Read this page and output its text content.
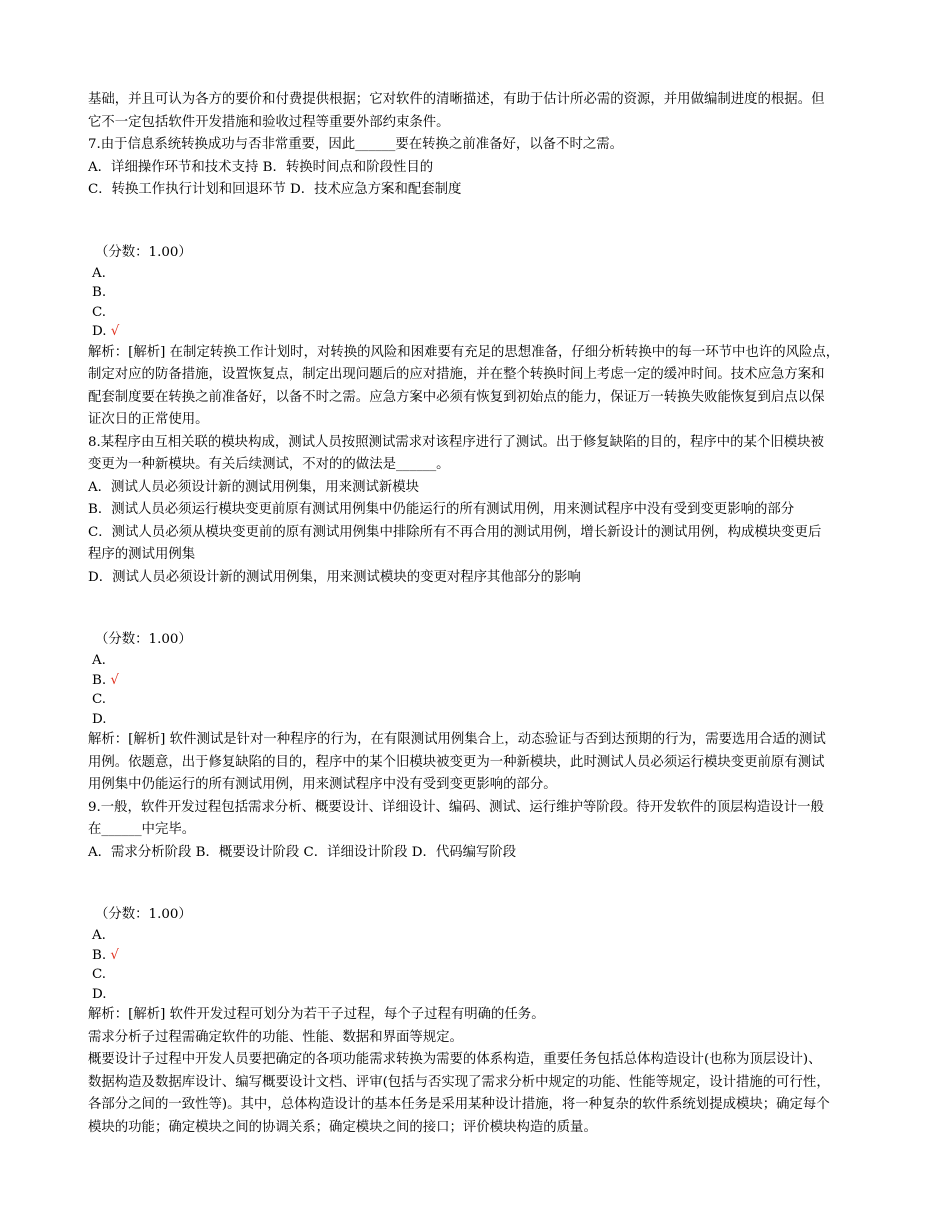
基础，并且可认为各方的要价和付费提供根据；它对软件的清晰描述，有助于估计所必需的资源，并用做编制进度的根据。但

它不一定包括软件开发措施和验收过程等重要外部约束条件。

7.由于信息系统转换成功与否非常重要，因此______要在转换之前准备好，以备不时之需。

A．详细操作环节和技术支持 B．转换时间点和阶段性目的

C．转换工作执行计划和回退环节 D．技术应急方案和配套制度

（分数：1.00）

A.

B.

C.

D. √

解析：[解析] 在制定转换工作计划时，对转换的风险和困难要有充足的思想准备，仔细分析转换中的每一环节中也许的风险点，

制定对应的防备措施，设置恢复点，制定出现问题后的应对措施，并在整个转换时间上考虑一定的缓冲时间。技术应急方案和

配套制度要在转换之前准备好，以备不时之需。应急方案中必须有恢复到初始点的能力，保证万一转换失败能恢复到启点以保

证次日的正常使用。

8.某程序由互相关联的模块构成，测试人员按照测试需求对该程序进行了测试。出于修复缺陷的目的，程序中的某个旧模块被

变更为一种新模块。有关后续测试，不对的的做法是______。

A．测试人员必须设计新的测试用例集，用来测试新模块

B．测试人员必须运行模块变更前原有测试用例集中仍能运行的所有测试用例，用来测试程序中没有受到变更影响的部分

C．测试人员必须从模块变更前的原有测试用例集中排除所有不再合用的测试用例，增长新设计的测试用例，构成模块变更后

程序的测试用例集

D．测试人员必须设计新的测试用例集，用来测试模块的变更对程序其他部分的影响

（分数：1.00）

A.

B. √

C.

D.

解析：[解析] 软件测试是针对一种程序的行为，在有限测试用例集合上，动态验证与否到达预期的行为，需要选用合适的测试

用例。依题意，出于修复缺陷的目的，程序中的某个旧模块被变更为一种新模块，此时测试人员必须运行模块变更前原有测试

用例集中仍能运行的所有测试用例，用来测试程序中没有受到变更影响的部分。

9.一般，软件开发过程包括需求分析、概要设计、详细设计、编码、测试、运行维护等阶段。待开发软件的顶层构造设计一般

在______中完毕。

A．需求分析阶段 B．概要设计阶段 C．详细设计阶段 D．代码编写阶段

（分数：1.00）

A.

B. √

C.

D.

解析：[解析] 软件开发过程可划分为若干子过程，每个子过程有明确的任务。

需求分析子过程需确定软件的功能、性能、数据和界面等规定。

概要设计子过程中开发人员要把确定的各项功能需求转换为需要的体系构造，重要任务包括总体构造设计(也称为顶层设计)、

数据构造及数据库设计、编写概要设计文档、评审(包括与否实现了需求分析中规定的功能、性能等规定，设计措施的可行性，

各部分之间的一致性等)。其中，总体构造设计的基本任务是采用某种设计措施，将一种复杂的软件系统划提成模块；确定每个

模块的功能；确定模块之间的协调关系；确定模块之间的接口；评价模块构造的质量。
